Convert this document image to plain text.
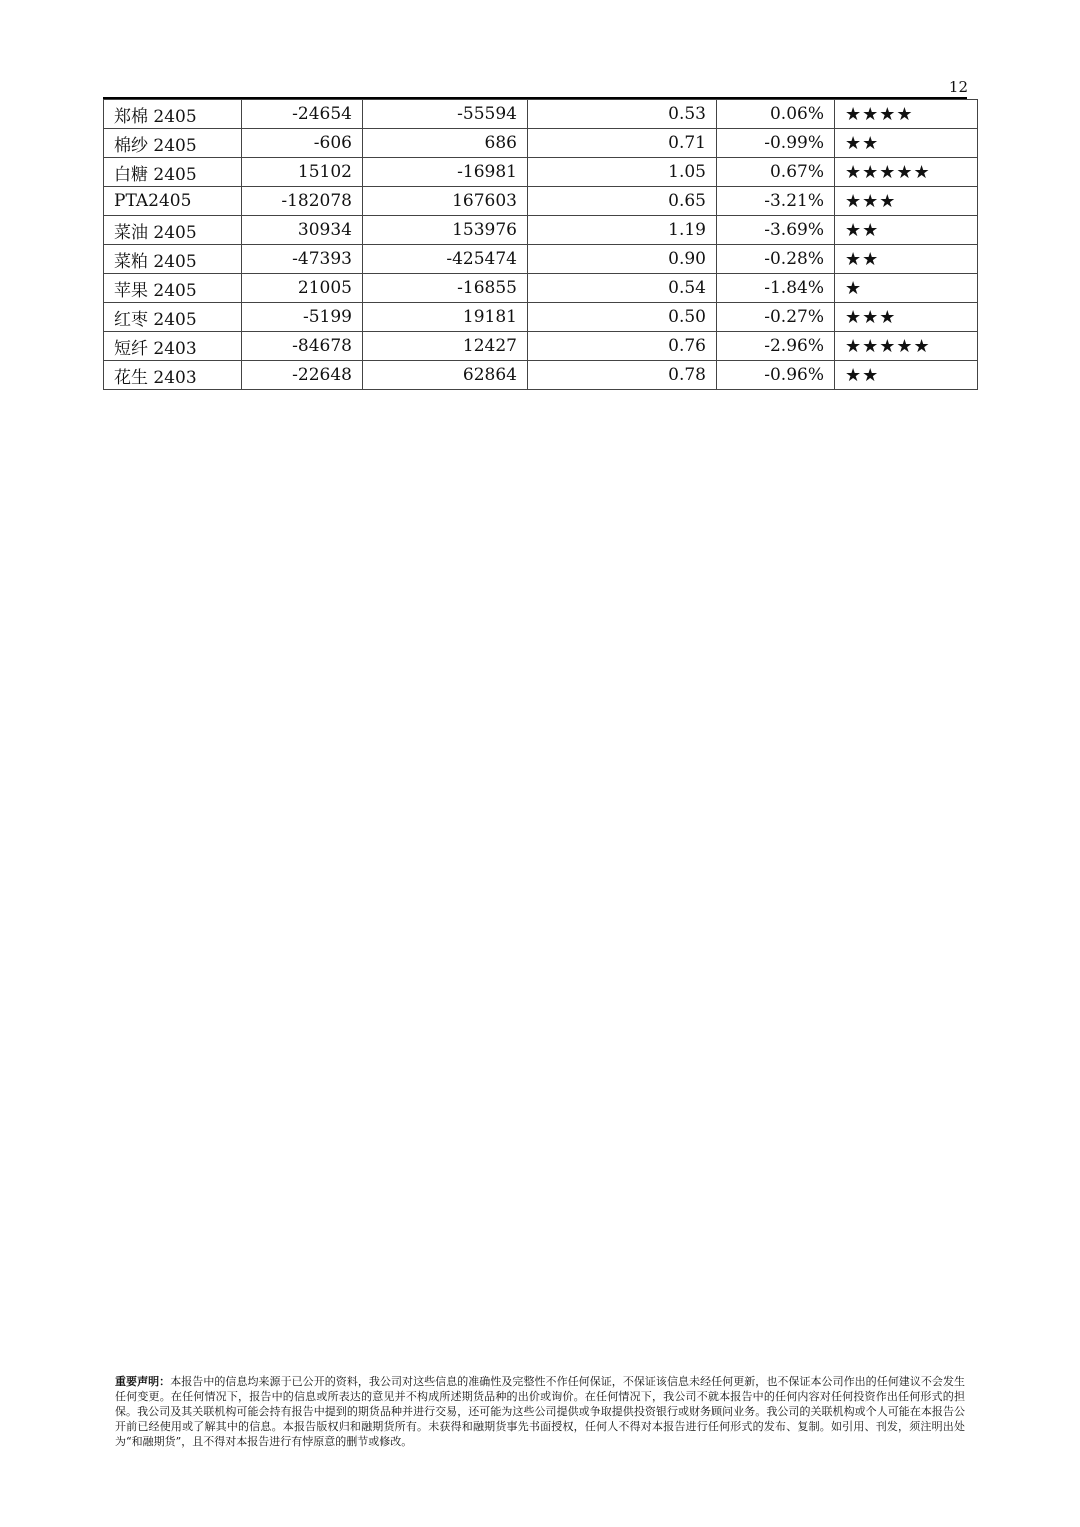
12
郑棉 2405	-24654	-55594	0.53	0.06%	★★★★
棉纱 2405	-606	686	0.71	-0.99%	★★
白糖 2405	15102	-16981	1.05	0.67%	★★★★★
PTA2405	-182078	167603	0.65	-3.21%	★★★
菜油 2405	30934	153976	1.19	-3.69%	★★
菜粕 2405	-47393	-425474	0.90	-0.28%	★★
苹果 2405	21005	-16855	0.54	-1.84%	★
红枣 2405	-5199	19181	0.50	-0.27%	★★★
短纤 2403	-84678	12427	0.76	-2.96%	★★★★★
花生 2403	-22648	62864	0.78	-0.96%	★★
重要声明：本报告中的信息均来源于已公开的资料，我公司对这些信息的准确性及完整性不作任何保证，不保证该信息未经任何更新，也不保证本公司作出的任何建议不会发生任何变更。在任何情况下，报告中的信息或所表达的意见并不构成所述期货品种的出价或询价。在任何情况下，我公司不就本报告中的任何内容对任何投资作出任何形式的担保。我公司及其关联机构可能会持有报告中提到的期货品种并进行交易，还可能为这些公司提供或争取提供投资银行或财务顾问业务。我公司的关联机构或个人可能在本报告公开前已经使用或了解其中的信息。本报告版权归和融期货所有。未获得和融期货事先书面授权，任何人不得对本报告进行任何形式的发布、复制。如引用、刊发，须注明出处为“和融期货”，且不得对本报告进行有悖原意的删节或修改。
